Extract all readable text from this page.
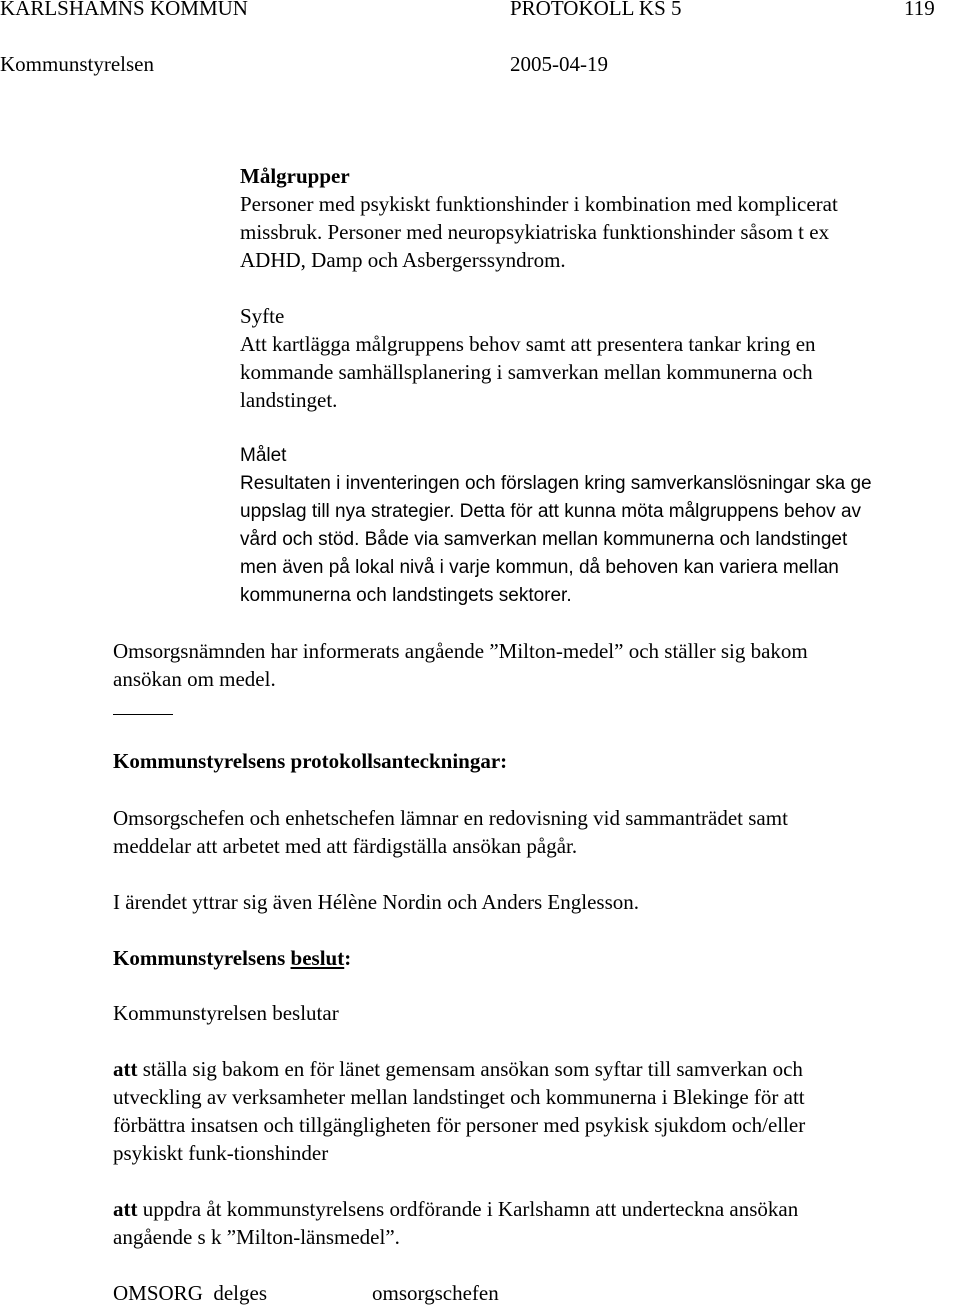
KARLSHAMNS KOMMUN	PROTOKOLL KS 5	119
Kommunstyrelsen	2005-04-19
Målgrupper
Personer med psykiskt funktionshinder i kombination med komplicerat
missbruk. Personer med neuropsykiatriska funktionshinder såsom t ex
ADHD, Damp och Asbergerssyndrom.
Syfte
Att kartlägga målgruppens behov samt att presentera tankar kring en
kommande samhällsplanering i samverkan mellan kommunerna och
landstinget.
Målet
Resultaten i inventeringen och förslagen kring samverkanslösningar ska ge
uppslag till nya strategier. Detta för att kunna möta målgruppens behov av
vård och stöd. Både via samverkan mellan kommunerna och landstinget
men även på lokal nivå i varje kommun, då behoven kan variera mellan
kommunerna och landstingets sektorer.
Omsorgsnämnden har informerats angående ”Milton-medel” och ställer sig bakom
ansökan om medel.
Kommunstyrelsens protokollsanteckningar:
Omsorgschefen och enhetschefen lämnar en redovisning vid sammanträdet samt
meddelar att arbetet med att färdigställa ansökan pågår.
I ärendet yttrar sig även Hélène Nordin och Anders Englesson.
Kommunstyrelsens beslut:
Kommunstyrelsen beslutar
att ställa sig bakom en för länet gemensam ansökan som syftar till samverkan och
utveckling av verksamheter mellan landstinget och kommunerna i Blekinge för att
förbättra insatsen och tillgängligheten för personer med psykisk sjukdom och/eller
psykiskt funk-tionshinder
att uppdra åt kommunstyrelsens ordförande i Karlshamn att underteckna ansökan
angående s k ”Milton-länsmedel”.
OMSORG  delges	omsorgschefen
